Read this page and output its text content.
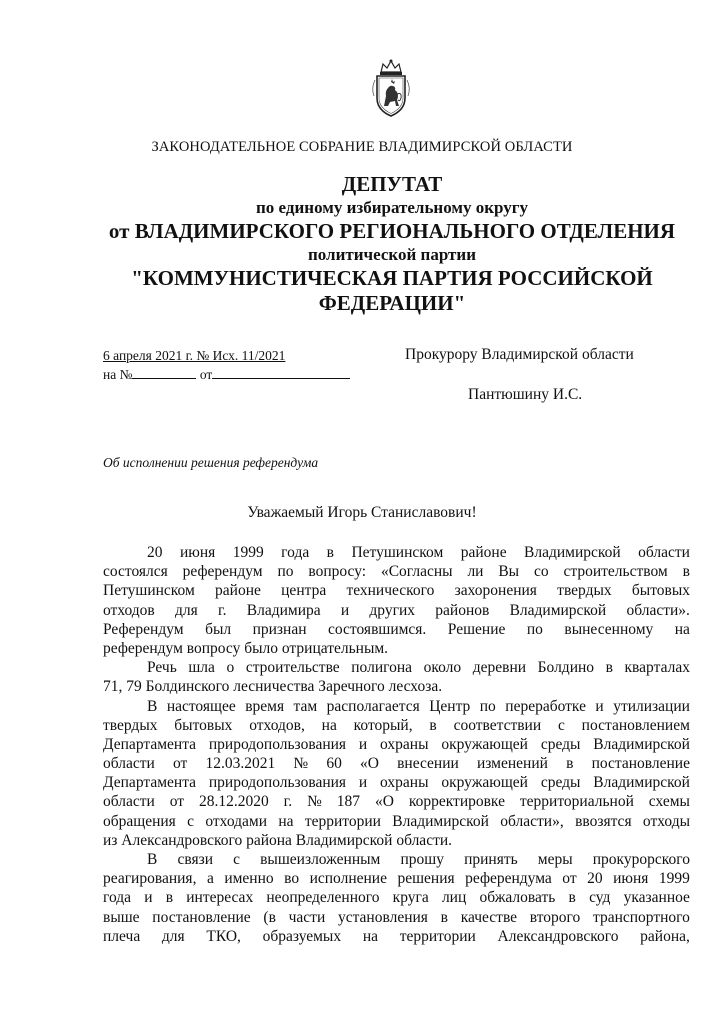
ЗАКОНОДАТЕЛЬНОЕ СОБРАНИЕ ВЛАДИМИРСКОЙ ОБЛАСТИ
ДЕПУТАТ
по единому избирательному округу
от ВЛАДИМИРСКОГО РЕГИОНАЛЬНОГО ОТДЕЛЕНИЯ
политической партии
"КОММУНИСТИЧЕСКАЯ ПАРТИЯ РОССИЙСКОЙ
ФЕДЕРАЦИИ"
6 апреля 2021 г. № Исх. 11/2021
на №	от
Прокурору Владимирской области
Пантюшину И.С.
Об исполнении решения референдума
Уважаемый Игорь Станиславович!
20 июня 1999 года в Петушинском районе Владимирской области
состоялся референдум по вопросу: «Согласны ли Вы со строительством в
Петушинском районе центра технического захоронения твердых бытовых
отходов для г. Владимира и других районов Владимирской области».
Референдум был признан состоявшимся. Решение по вынесенному на
референдум вопросу было отрицательным.
Речь шла о строительстве полигона около деревни Болдино в кварталах
71, 79 Болдинского лесничества Заречного лесхоза.
В настоящее время там располагается Центр по переработке и утилизации
твердых бытовых отходов, на который, в соответствии с постановлением
Департамента природопользования и охраны окружающей среды Владимирской
области от 12.03.2021 № 60 «О внесении изменений в постановление
Департамента природопользования и охраны окружающей среды Владимирской
области от 28.12.2020 г. № 187 «О корректировке территориальной схемы
обращения с отходами на территории Владимирской области», ввозятся отходы
из Александровского района Владимирской области.
В связи с вышеизложенным прошу принять меры прокурорского
реагирования, а именно во исполнение решения референдума от 20 июня 1999
года и в интересах неопределенного круга лиц обжаловать в суд указанное
выше постановление (в части установления в качестве второго транспортного
плеча для ТКО, образуемых на территории Александровского района,
